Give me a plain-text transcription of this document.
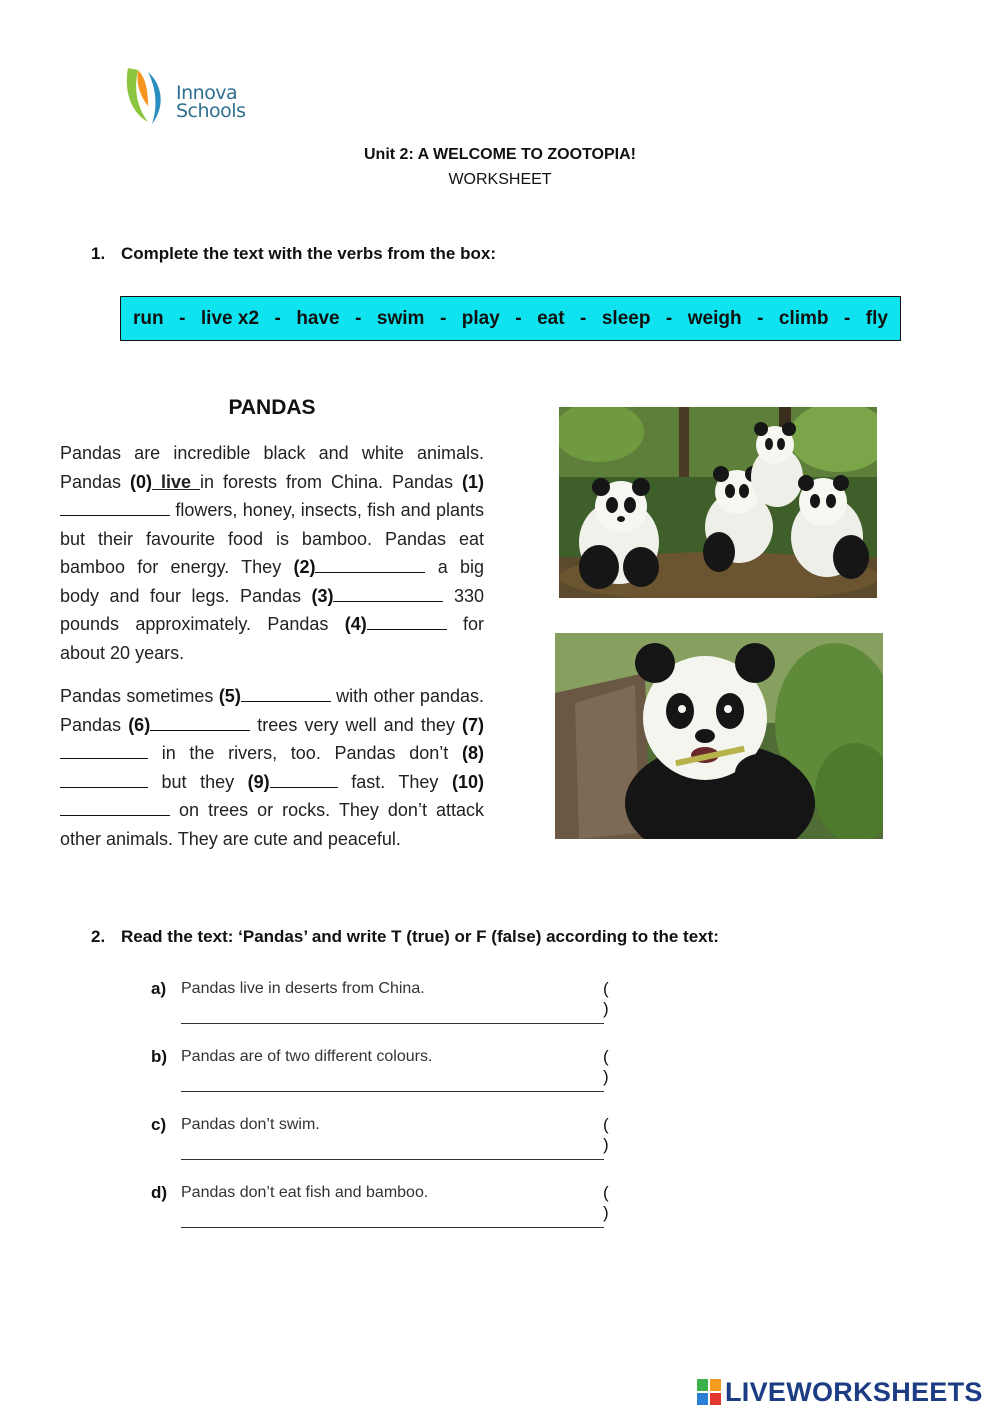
Innova
Schools
Unit 2: A WELCOME TO ZOOTOPIA!
WORKSHEET
1. Complete the text with the verbs from the box:
run - live x2 - have - swim - play - eat - sleep - weigh - climb - fly
PANDAS
Pandas are incredible black and white animals. Pandas (0) live in forests from China. Pandas (1) flowers, honey, insects, fish and plants but their favourite food is bamboo. Pandas eat bamboo for energy. They (2)	a big body and four legs. Pandas (3)	330 pounds approximately. Pandas (4)	for about 20 years.
Pandas sometimes (5)	with other pandas. Pandas (6)	trees very well and they (7) in the rivers, too. Pandas don’t (8) but they (9)	fast. They (10) on trees or rocks. They don’t attack other animals. They are cute and peaceful.
2. Read the text: ‘Pandas’ and write T (true) or F (false) according to the text:
a) Pandas live in deserts from China.	( )
b) Pandas are of two different colours.	( )
c) Pandas don’t swim.	( )
d) Pandas don’t eat fish and bamboo.	( )
LIVEWORKSHEETS
